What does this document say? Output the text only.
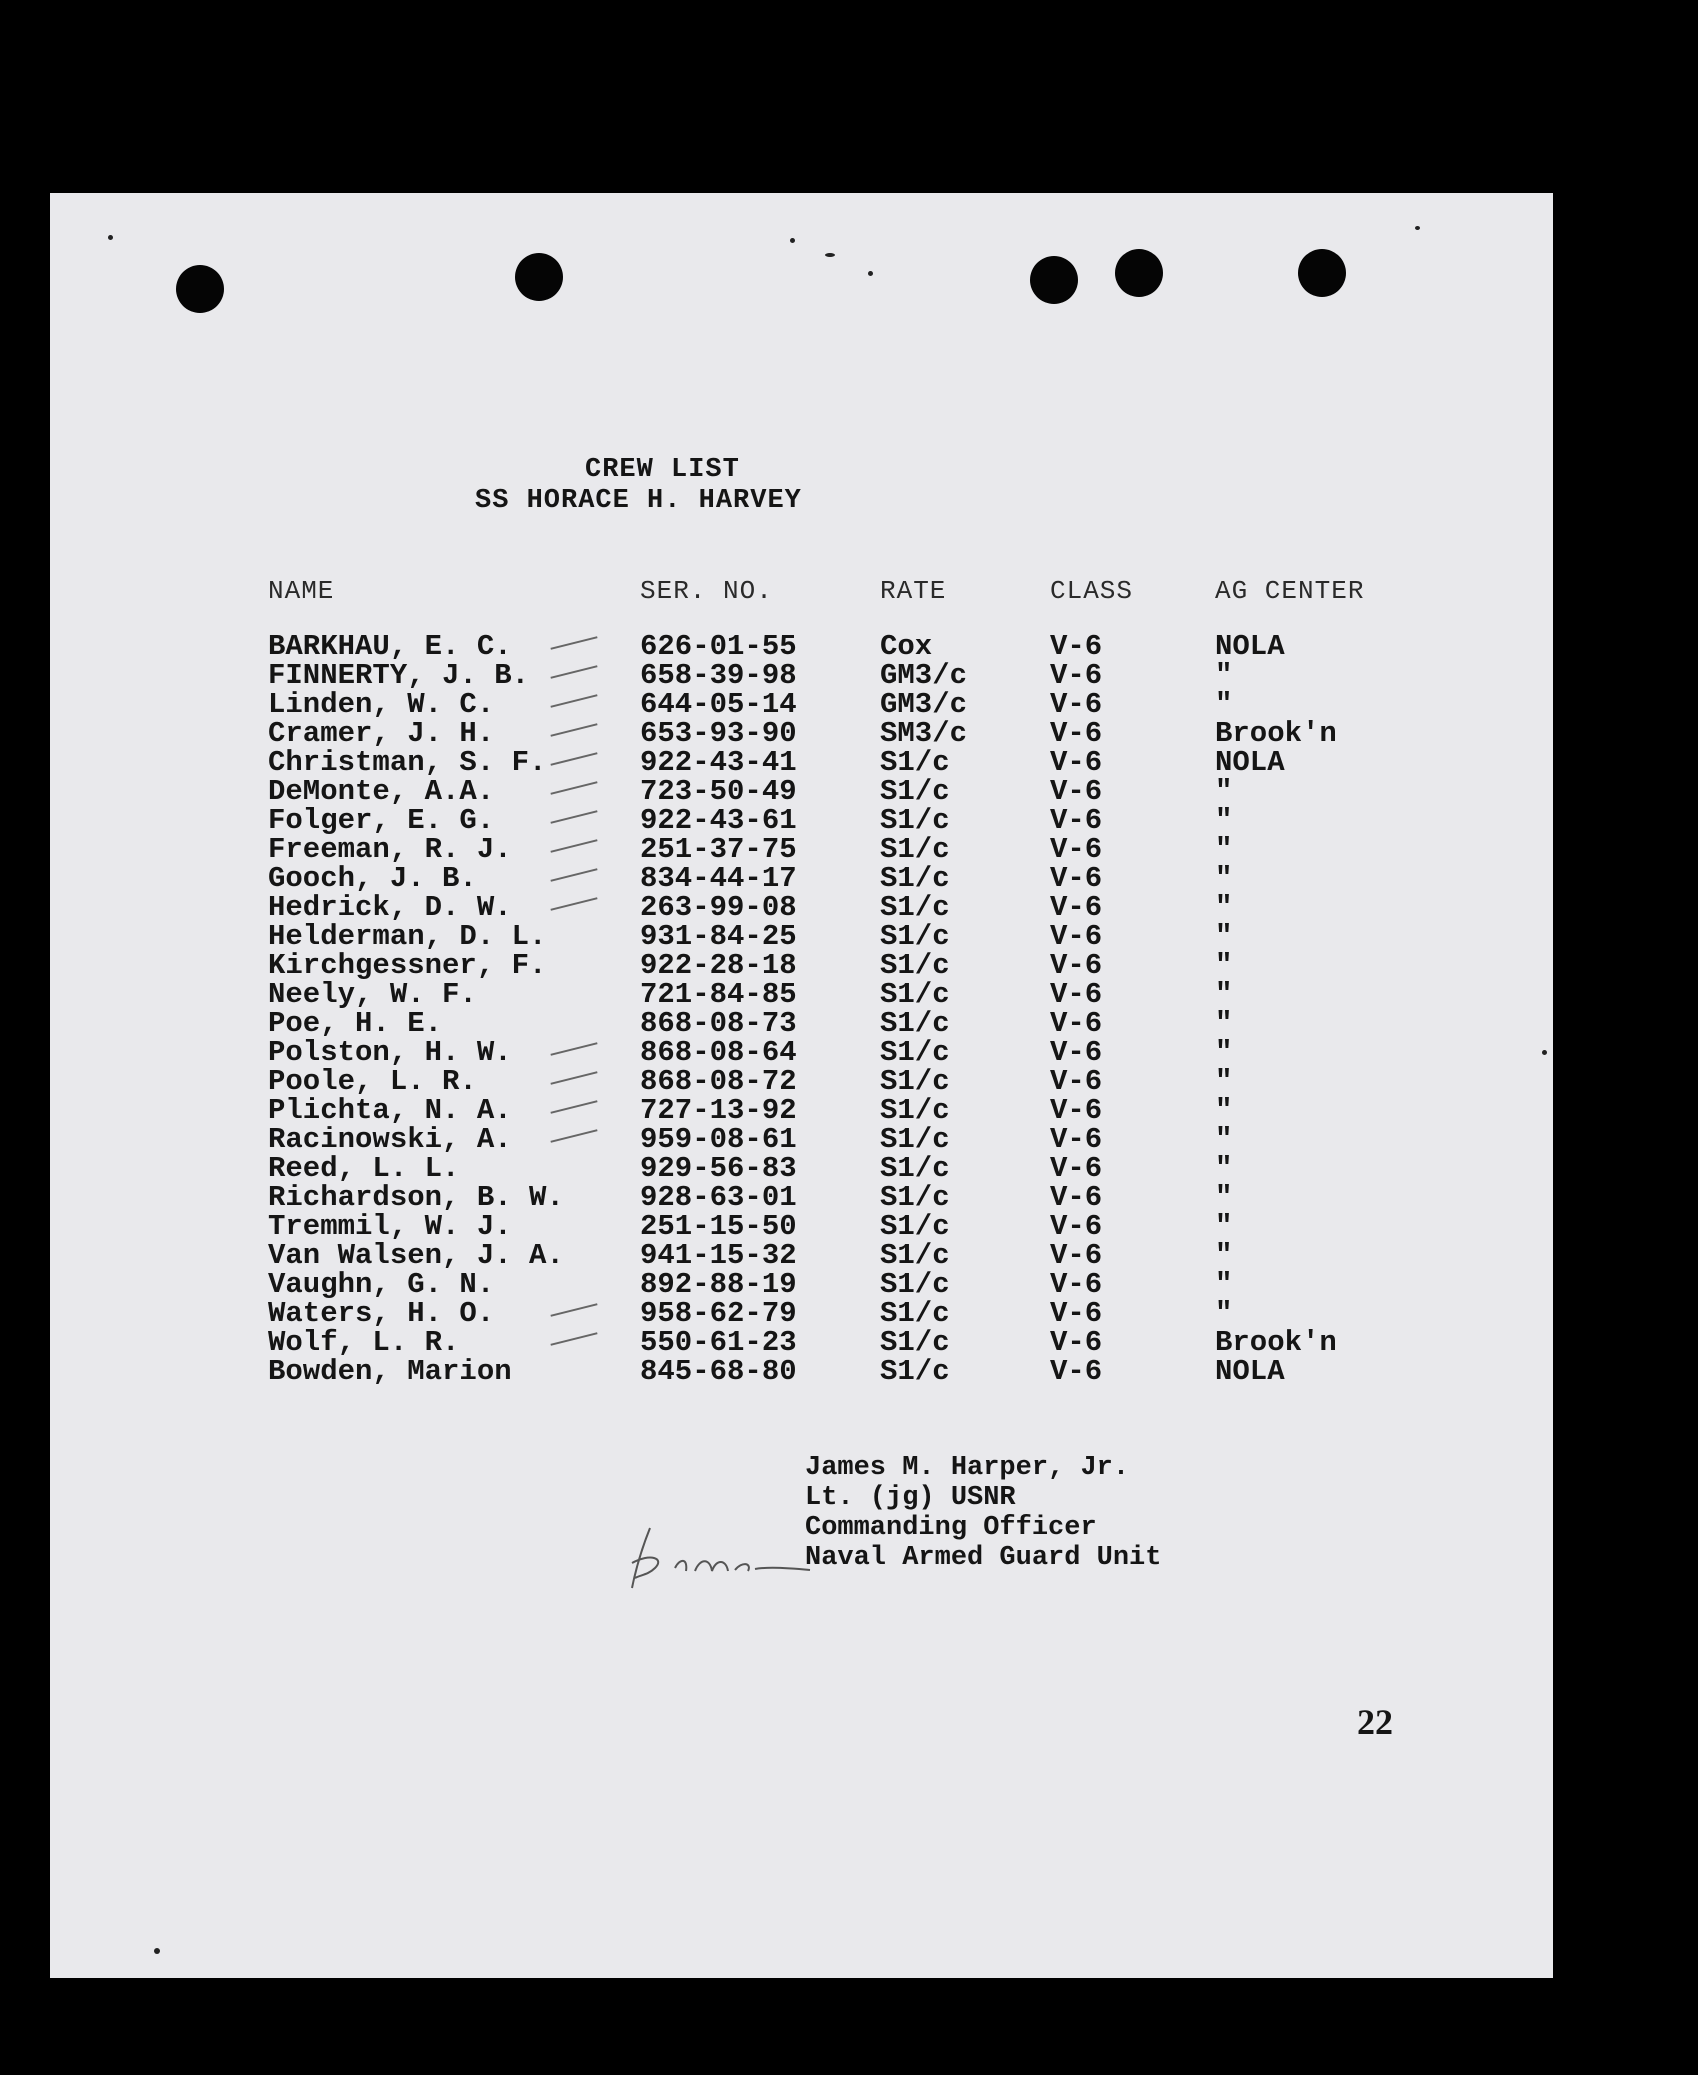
CREW LIST
SS HORACE H. HARVEY
NAME	SER. NO.	RATE	CLASS	AG CENTER
BARKHAU, E. C.	626-01-55	Cox	V-6	NOLA
FINNERTY, J. B.	658-39-98	GM3/c	V-6	"
Linden, W. C.	644-05-14	GM3/c	V-6	"
Cramer, J. H.	653-93-90	SM3/c	V-6	Brook'n
Christman, S. F.	922-43-41	S1/c	V-6	NOLA
DeMonte, A.A.	723-50-49	S1/c	V-6	"
Folger, E. G.	922-43-61	S1/c	V-6	"
Freeman, R. J.	251-37-75	S1/c	V-6	"
Gooch, J. B.	834-44-17	S1/c	V-6	"
Hedrick, D. W.	263-99-08	S1/c	V-6	"
Helderman, D. L.	931-84-25	S1/c	V-6	"
Kirchgessner, F.	922-28-18	S1/c	V-6	"
Neely, W. F.	721-84-85	S1/c	V-6	"
Poe, H. E.	868-08-73	S1/c	V-6	"
Polston, H. W.	868-08-64	S1/c	V-6	"
Poole, L. R.	868-08-72	S1/c	V-6	"
Plichta, N. A.	727-13-92	S1/c	V-6	"
Racinowski, A.	959-08-61	S1/c	V-6	"
Reed, L. L.	929-56-83	S1/c	V-6	"
Richardson, B. W.	928-63-01	S1/c	V-6	"
Tremmil, W. J.	251-15-50	S1/c	V-6	"
Van Walsen, J. A.	941-15-32	S1/c	V-6	"
Vaughn, G. N.	892-88-19	S1/c	V-6	"
Waters, H. O.	958-62-79	S1/c	V-6	"
Wolf, L. R.	550-61-23	S1/c	V-6	Brook'n
Bowden, Marion	845-68-80	S1/c	V-6	NOLA
James M. Harper, Jr.
Lt. (jg) USNR
Commanding Officer
Naval Armed Guard Unit
22
